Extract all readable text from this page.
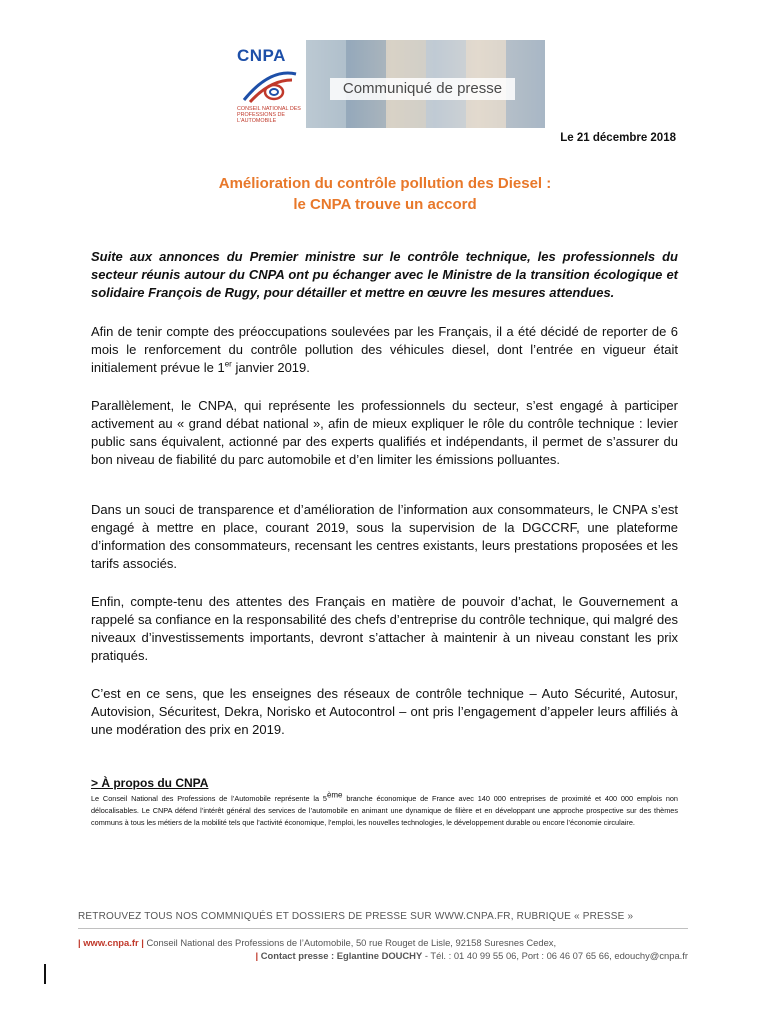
CNPA
CONSEIL NATIONAL DES PROFESSIONS DE L'AUTOMOBILE
Communiqué de presse
Le 21 décembre 2018
Amélioration du contrôle pollution des Diesel :
le CNPA trouve un accord
Suite aux annonces du Premier ministre sur le contrôle technique, les professionnels du secteur réunis autour du CNPA ont pu échanger avec le Ministre de la transition écologique et solidaire François de Rugy, pour détailler et mettre en œuvre les mesures attendues.
Afin de tenir compte des préoccupations soulevées par les Français, il a été décidé de reporter de 6 mois le renforcement du contrôle pollution des véhicules diesel, dont l’entrée en vigueur était initialement prévue le 1er janvier 2019.
Parallèlement, le CNPA, qui représente les professionnels du secteur, s’est engagé à participer activement au « grand débat national », afin de mieux expliquer le rôle du contrôle technique : levier public sans équivalent, actionné par des experts qualifiés et indépendants, il permet de s’assurer du bon niveau de fiabilité du parc automobile et d’en limiter les émissions polluantes.
Dans un souci de transparence et d’amélioration de l’information aux consommateurs, le CNPA s’est engagé à mettre en place, courant 2019, sous la supervision de la DGCCRF, une plateforme d’information des consommateurs, recensant les centres existants, leurs prestations proposées et les tarifs associés.
Enfin, compte-tenu des attentes des Français en matière de pouvoir d’achat, le Gouvernement a rappelé sa confiance en la responsabilité des chefs d’entreprise du contrôle technique, qui malgré des niveaux d’investissements importants, devront s’attacher à maintenir à un niveau constant les prix pratiqués.
C’est en ce sens, que les enseignes des réseaux de contrôle technique – Auto Sécurité, Autosur, Autovision, Sécuritest, Dekra, Norisko et Autocontrol – ont pris l’engagement d’appeler leurs affiliés à une modération des prix en 2019.
> À propos du CNPA
Le Conseil National des Professions de l’Automobile représente la 5ème branche économique de France avec 140 000 entreprises de proximité et 400 000 emplois non délocalisables. Le CNPA défend l’intérêt général des services de l’automobile en animant une dynamique de filière et en développant une approche prospective sur des thèmes communs à tous les métiers de la mobilité tels que l’activité économique, l’emploi, les nouvelles technologies, le développement durable ou encore l’économie circulaire.
RETROUVEZ TOUS NOS COMMNIQUÉS ET DOSSIERS DE PRESSE SUR WWW.CNPA.FR, RUBRIQUE « PRESSE »
| www.cnpa.fr | Conseil National des Professions de l’Automobile, 50 rue Rouget de Lisle, 92158 Suresnes Cedex,
| Contact presse : Eglantine DOUCHY - Tél. : 01 40 99 55 06, Port : 06 46 07 65 66, edouchy@cnpa.fr
